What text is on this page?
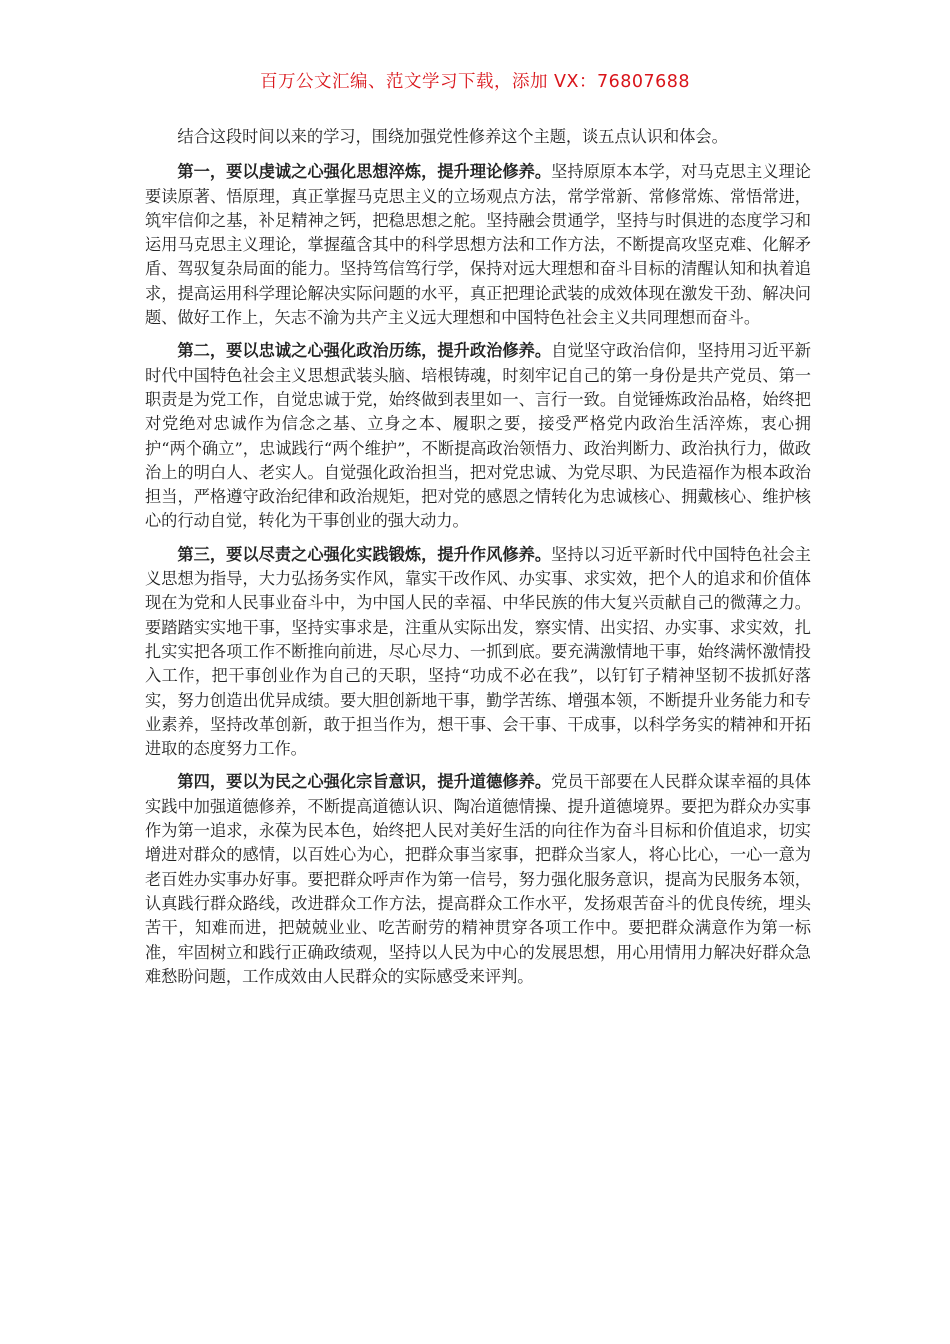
百万公文汇编、范文学习下载，添加 VX：76807688

结合这段时间以来的学习，围绕加强党性修养这个主题，谈五点认识和体会。

第一，要以虔诚之心强化思想淬炼，提升理论修养。坚持原原本本学，对马克思主义理论要读原著、悟原理，真正掌握马克思主义的立场观点方法，常学常新、常修常炼、常悟常进，筑牢信仰之基，补足精神之钙，把稳思想之舵。坚持融会贯通学，坚持与时俱进的态度学习和运用马克思主义理论，掌握蕴含其中的科学思想方法和工作方法，不断提高攻坚克难、化解矛盾、驾驭复杂局面的能力。坚持笃信笃行学，保持对远大理想和奋斗目标的清醒认知和执着追求，提高运用科学理论解决实际问题的水平，真正把理论武装的成效体现在激发干劲、解决问题、做好工作上，矢志不渝为共产主义远大理想和中国特色社会主义共同理想而奋斗。

第二，要以忠诚之心强化政治历练，提升政治修养。自觉坚守政治信仰，坚持用习近平新时代中国特色社会主义思想武装头脑、培根铸魂，时刻牢记自己的第一身份是共产党员、第一职责是为党工作，自觉忠诚于党，始终做到表里如一、言行一致。自觉锤炼政治品格，始终把对党绝对忠诚作为信念之基、立身之本、履职之要，接受严格党内政治生活淬炼，衷心拥护“两个确立”，忠诚践行“两个维护”，不断提高政治领悟力、政治判断力、政治执行力，做政治上的明白人、老实人。自觉强化政治担当，把对党忠诚、为党尽职、为民造福作为根本政治担当，严格遵守政治纪律和政治规矩，把对党的感恩之情转化为忠诚核心、拥戴核心、维护核心的行动自觉，转化为干事创业的强大动力。

第三，要以尽责之心强化实践锻炼，提升作风修养。坚持以习近平新时代中国特色社会主义思想为指导，大力弘扬务实作风，靠实干改作风、办实事、求实效，把个人的追求和价值体现在为党和人民事业奋斗中，为中国人民的幸福、中华民族的伟大复兴贡献自己的微薄之力。要踏踏实实地干事，坚持实事求是，注重从实际出发，察实情、出实招、办实事、求实效，扎扎实实把各项工作不断推向前进，尽心尽力、一抓到底。要充满激情地干事，始终满怀激情投入工作，把干事创业作为自己的天职，坚持“功成不必在我”，以钉钉子精神坚韧不拔抓好落实，努力创造出优异成绩。要大胆创新地干事，勤学苦练、增强本领，不断提升业务能力和专业素养，坚持改革创新，敢于担当作为，想干事、会干事、干成事，以科学务实的精神和开拓进取的态度努力工作。

第四，要以为民之心强化宗旨意识，提升道德修养。党员干部要在人民群众谋幸福的具体实践中加强道德修养，不断提高道德认识、陶冶道德情操、提升道德境界。要把为群众办实事作为第一追求，永葆为民本色，始终把人民对美好生活的向往作为奋斗目标和价值追求，切实增进对群众的感情，以百姓心为心，把群众事当家事，把群众当家人，将心比心，一心一意为老百姓办实事办好事。要把群众呼声作为第一信号，努力强化服务意识，提高为民服务本领，认真践行群众路线，改进群众工作方法，提高群众工作水平，发扬艰苦奋斗的优良传统，埋头苦干，知难而进，把兢兢业业、吃苦耐劳的精神贯穿各项工作中。要把群众满意作为第一标准，牢固树立和践行正确政绩观，坚持以人民为中心的发展思想，用心用情用力解决好群众急难愁盼问题，工作成效由人民群众的实际感受来评判。
